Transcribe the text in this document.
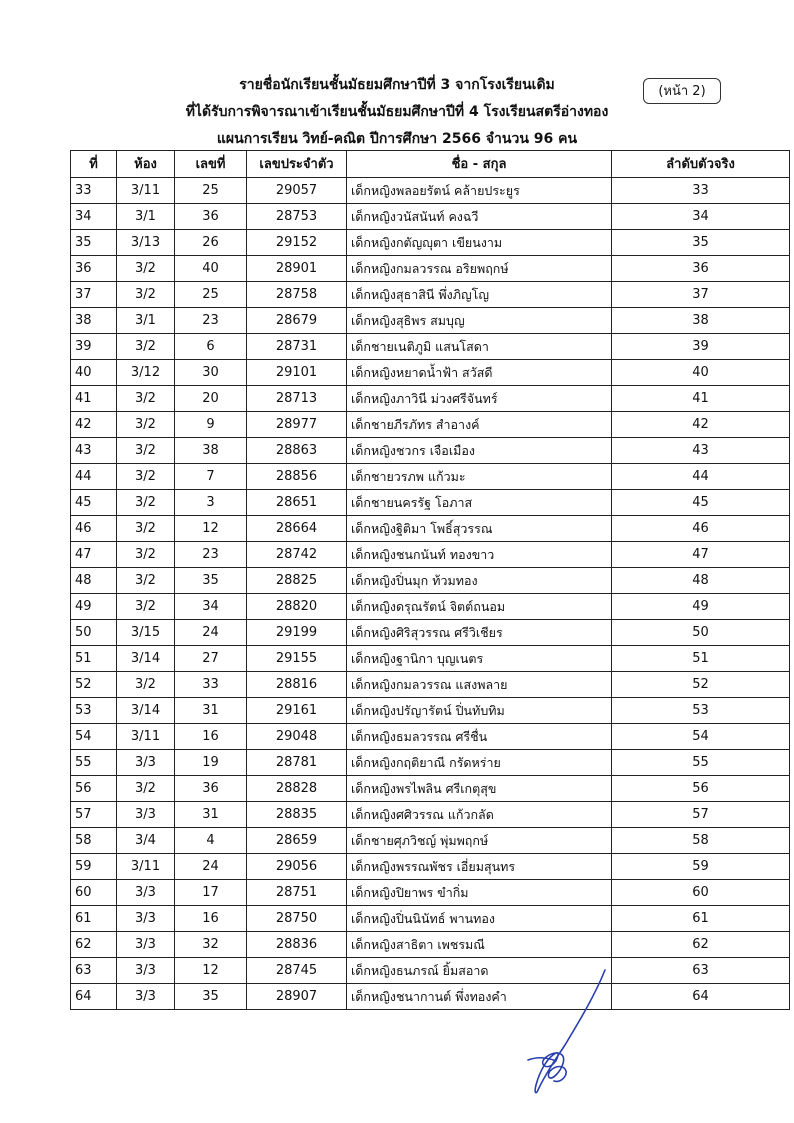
รายชื่อนักเรียนชั้นมัธยมศึกษาปีที่ 3 จากโรงเรียนเดิม
ที่ได้รับการพิจารณาเข้าเรียนชั้นมัธยมศึกษาปีที่ 4 โรงเรียนสตรีอ่างทอง
แผนการเรียน วิทย์-คณิต ปีการศึกษา 2566 จำนวน 96 คน
(หน้า 2)
ที่	ห้อง	เลขที่	เลขประจำตัว	ชื่อ - สกุล	ลำดับตัวจริง
33	3/11	25	29057	เด็กหญิงพลอยรัตน์ คล้ายประยูร	33
34	3/1	36	28753	เด็กหญิงวนัสนันท์ คงฉวี	34
35	3/13	26	29152	เด็กหญิงกตัญญุตา เขียนงาม	35
36	3/2	40	28901	เด็กหญิงกมลวรรณ อริยพฤกษ์	36
37	3/2	25	28758	เด็กหญิงสุธาสินี พึ่งภิญโญ	37
38	3/1	23	28679	เด็กหญิงสุธิพร สมบุญ	38
39	3/2	6	28731	เด็กชายเนติภูมิ แสนโสดา	39
40	3/12	30	29101	เด็กหญิงหยาดน้ำฟ้า สวัสดี	40
41	3/2	20	28713	เด็กหญิงภาวินี ม่วงศรีจันทร์	41
42	3/2	9	28977	เด็กชายภีรภัทร สำอางค์	42
43	3/2	38	28863	เด็กหญิงชวกร เจือเมือง	43
44	3/2	7	28856	เด็กชายวรภพ แก้วมะ	44
45	3/2	3	28651	เด็กชายนครรัฐ โอภาส	45
46	3/2	12	28664	เด็กหญิงฐิติมา โพธิ์สุวรรณ	46
47	3/2	23	28742	เด็กหญิงชนกนันท์ ทองขาว	47
48	3/2	35	28825	เด็กหญิงปิ่นมุก ท้วมทอง	48
49	3/2	34	28820	เด็กหญิงดรุณรัตน์ จิตต์ถนอม	49
50	3/15	24	29199	เด็กหญิงศิริสุวรรณ ศรีวิเชียร	50
51	3/14	27	29155	เด็กหญิงฐานิกา บุญเนตร	51
52	3/2	33	28816	เด็กหญิงกมลวรรณ แสงพลาย	52
53	3/14	31	29161	เด็กหญิงปรัญารัตน์ ปิ่นทับทิม	53
54	3/11	16	29048	เด็กหญิงธมลวรรณ ศรีชื่น	54
55	3/3	19	28781	เด็กหญิงกฤติยาณี กรัดหร่าย	55
56	3/2	36	28828	เด็กหญิงพรไพลิน ศรีเกตุสุข	56
57	3/3	31	28835	เด็กหญิงศศิวรรณ แก้วกลัด	57
58	3/4	4	28659	เด็กชายศุภวิชญ์ พุ่มพฤกษ์	58
59	3/11	24	29056	เด็กหญิงพรรณพัชร เอี่ยมสุนทร	59
60	3/3	17	28751	เด็กหญิงปิยาพร ขำกิ่ม	60
61	3/3	16	28750	เด็กหญิงปิ่นนินัทธ์ พานทอง	61
62	3/3	32	28836	เด็กหญิงสาธิตา เพชรมณี	62
63	3/3	12	28745	เด็กหญิงธนภรณ์ ยิ้มสอาด	63
64	3/3	35	28907	เด็กหญิงชนากานต์ พึ่งทองคำ	64
